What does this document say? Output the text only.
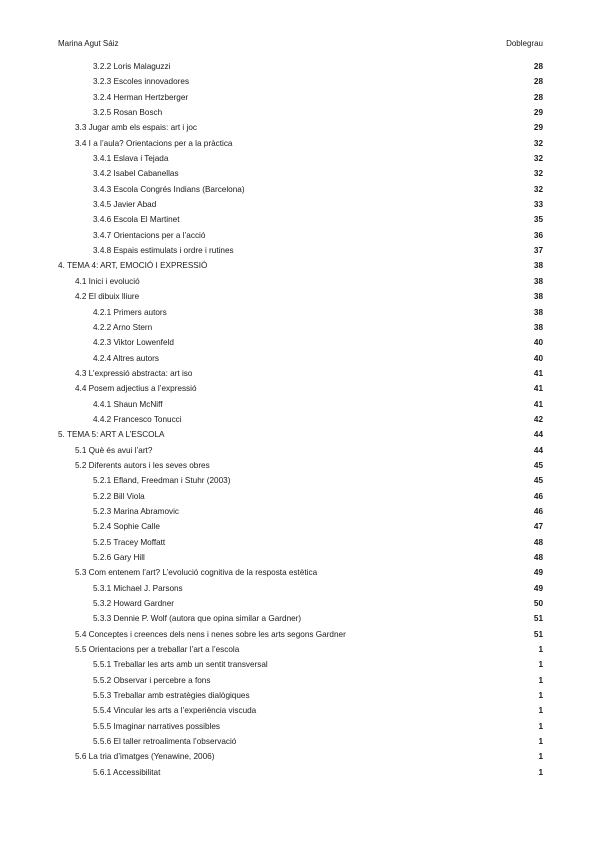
Marina Agut Sáiz	Doblegrau
3.2.2 Loris Malaguzzi	28
3.2.3 Escoles innovadores	28
3.2.4 Herman Hertzberger	28
3.2.5 Rosan Bosch	29
3.3 Jugar amb els espais: art i joc	29
3.4 I a l’aula? Orientacions per a la pràctica	32
3.4.1 Eslava i Tejada	32
3.4.2 Isabel Cabanellas	32
3.4.3 Escola Congrés Indians (Barcelona)	32
3.4.5 Javier Abad	33
3.4.6 Escola El Martinet	35
3.4.7 Orientacions per a l’acció	36
3.4.8 Espais estimulats i ordre i rutines	37
4. TEMA 4: ART, EMOCIÓ I EXPRESSIÓ	38
4.1 Inici i evolució	38
4.2 El dibuix lliure	38
4.2.1 Primers autors	38
4.2.2 Arno Stern	38
4.2.3 Viktor Lowenfeld	40
4.2.4 Altres autors	40
4.3 L’expressió abstracta: art iso	41
4.4 Posem adjectius a l’expressió	41
4.4.1 Shaun McNiff	41
4.4.2 Francesco Tonucci	42
5. TEMA 5: ART A L’ESCOLA	44
5.1 Què és avui l’art?	44
5.2 Diferents autors i les seves obres	45
5.2.1 Efland, Freedman i Stuhr (2003)	45
5.2.2 Bill Viola	46
5.2.3 Marina Abramovic	46
5.2.4 Sophie Calle	47
5.2.5 Tracey Moffatt	48
5.2.6 Gary Hill	48
5.3 Com entenem l’art? L’evolució cognitiva de la resposta estètica	49
5.3.1 Michael J. Parsons	49
5.3.2 Howard Gardner	50
5.3.3 Dennie P. Wolf (autora que opina similar a Gardner)	51
5.4 Conceptes i creences dels nens i nenes sobre les arts segons Gardner	51
5.5 Orientacions per a treballar l’art a l’escola	1
5.5.1 Treballar les arts amb un sentit transversal	1
5.5.2 Observar i percebre a fons	1
5.5.3 Treballar amb estratègies dialògiques	1
5.5.4 Vincular les arts a l’experiència viscuda	1
5.5.5 Imaginar narratives possibles	1
5.5.6 El taller retroalimenta l’observació	1
5.6 La tria d’imatges (Yenawine, 2006)	1
5.6.1 Accessibilitat	1
